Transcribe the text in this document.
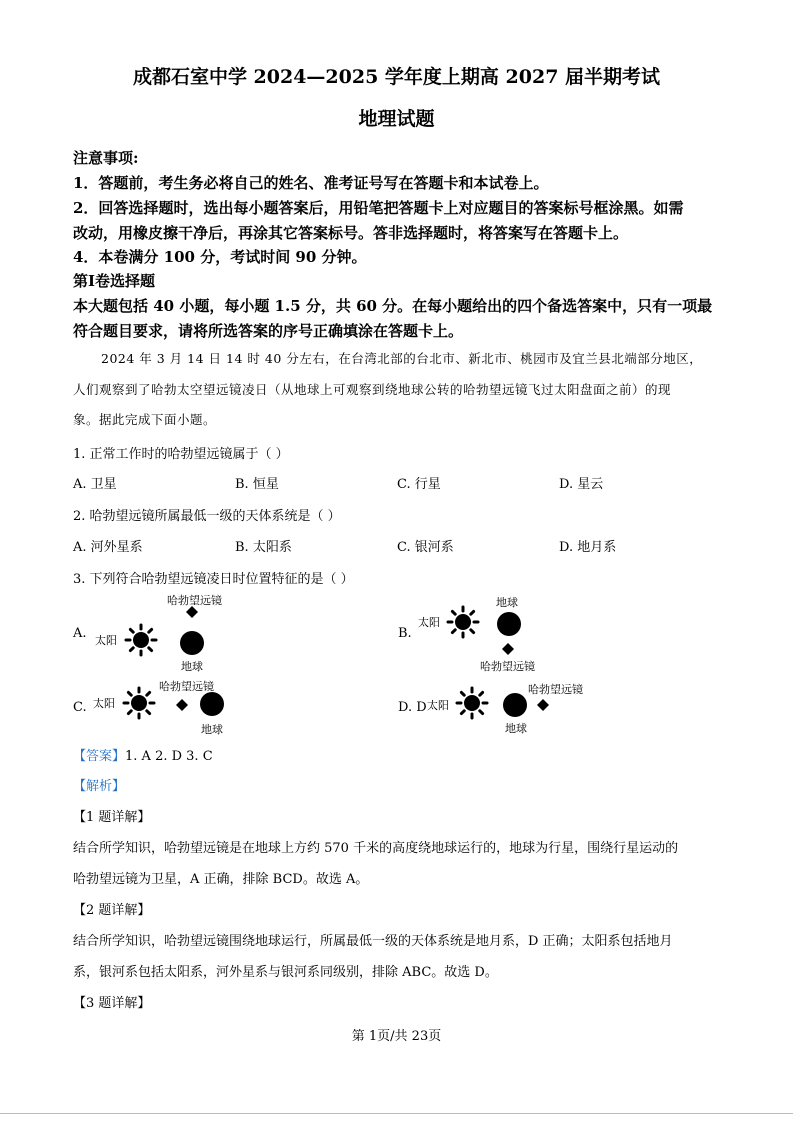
成都石室中学 2024—2025 学年度上期高 2027 届半期考试
地理试题
注意事项:
1．答题前，考生务必将自己的姓名、准考证号写在答题卡和本试卷上。
2．回答选择题时，选出每小题答案后，用铅笔把答题卡上对应题目的答案标号框涂黑。如需
改动，用橡皮擦干净后，再涂其它答案标号。答非选择题时，将答案写在答题卡上。
4．本卷满分 100 分，考试时间 90 分钟。
第Ⅰ卷选择题
本大题包括 40 小题，每小题 1.5 分，共 60 分。在每小题给出的四个备选答案中，只有一项最
符合题目要求，请将所选答案的序号正确填涂在答题卡上。
2024 年 3 月 14 日 14 时 40 分左右，在台湾北部的台北市、新北市、桃园市及宜兰县北端部分地区，
人们观察到了哈勃太空望远镜凌日（从地球上可观察到绕地球公转的哈勃望远镜飞过太阳盘面之前）的现
象。据此完成下面小题。
1. 正常工作时的哈勃望远镜属于（ ）
A. 卫星	B. 恒星	C. 行星	D. 星云
2. 哈勃望远镜所属最低一级的天体系统是（ ）
A. 河外星系	B. 太阳系	C. 银河系	D. 地月系
3. 下列符合哈勃望远镜凌日时位置特征的是（ ）
A. 太阳
地球
哈勃望远镜
B.
太阳
地球
哈勃望远镜
C. 太阳
哈勃望远镜
地球
D. D 太阳
地球
哈勃望远镜
【答案】1. A 2. D 3. C
【解析】
【1 题详解】
结合所学知识，哈勃望远镜是在地球上方约 570 千米的高度绕地球运行的，地球为行星，围绕行星运动的
哈勃望远镜为卫星，A 正确，排除 BCD。故选 A。
【2 题详解】
结合所学知识，哈勃望远镜围绕地球运行，所属最低一级的天体系统是地月系，D 正确；太阳系包括地月
系，银河系包括太阳系，河外星系与银河系同级别，排除 ABC。故选 D。
【3 题详解】
第 1页/共 23页
